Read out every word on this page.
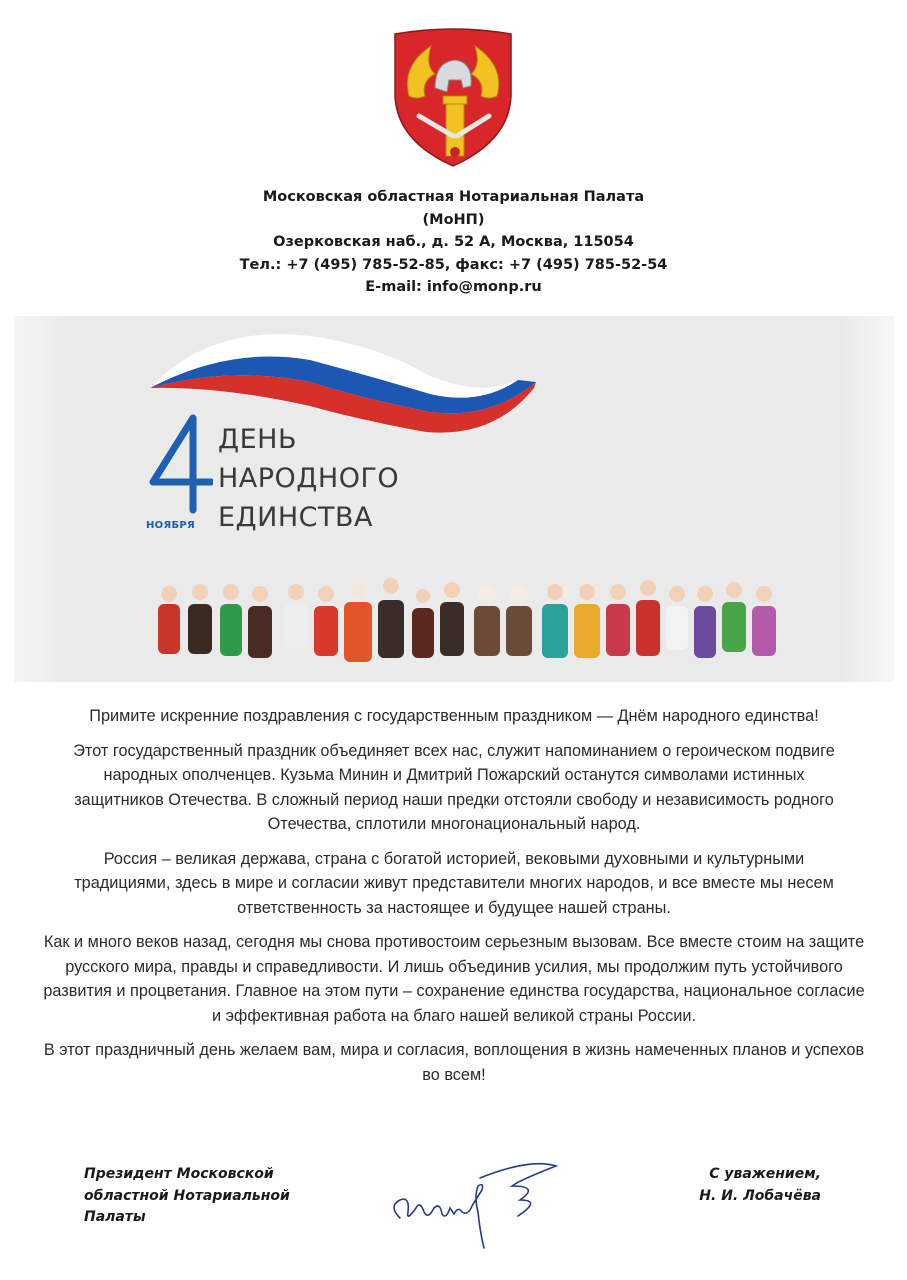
Московская областная Нотариальная Палата
(МоНП)
Озерковская наб., д. 52 А, Москва, 115054
Тел.: +7 (495) 785-52-85, факс: +7 (495) 785-52-54
E-mail: info@monp.ru
НОЯБРЯ
ДЕНЬ
НАРОДНОГО
ЕДИНСТВА

Примите искренние поздравления с государственным праздником — Днём народного единства!

Этот государственный праздник объединяет всех нас, служит напоминанием о героическом подвиге народных ополченцев. Кузьма Минин и Дмитрий Пожарский останутся символами истинных защитников Отечества. В сложный период наши предки отстояли свободу и независимость родного Отечества, сплотили многонациональный народ.

Россия – великая держава, страна с богатой историей, вековыми духовными и культурными традициями, здесь в мире и согласии живут представители многих народов, и все вместе мы несем ответственность за настоящее и будущее нашей страны.

Как и много веков назад, сегодня мы снова противостоим серьезным вызовам. Все вместе стоим на защите русского мира, правды и справедливости. И лишь объединив усилия, мы продолжим путь устойчивого развития и процветания. Главное на этом пути – сохранение единства государства, национальное согласие и эффективная работа на благо нашей великой страны России.

В этот праздничный день желаем вам, мира и согласия, воплощения в жизнь намеченных планов и успехов во всем!

Президент Московской
областной Нотариальной
Палаты
С уважением,
Н. И. Лобачёва
